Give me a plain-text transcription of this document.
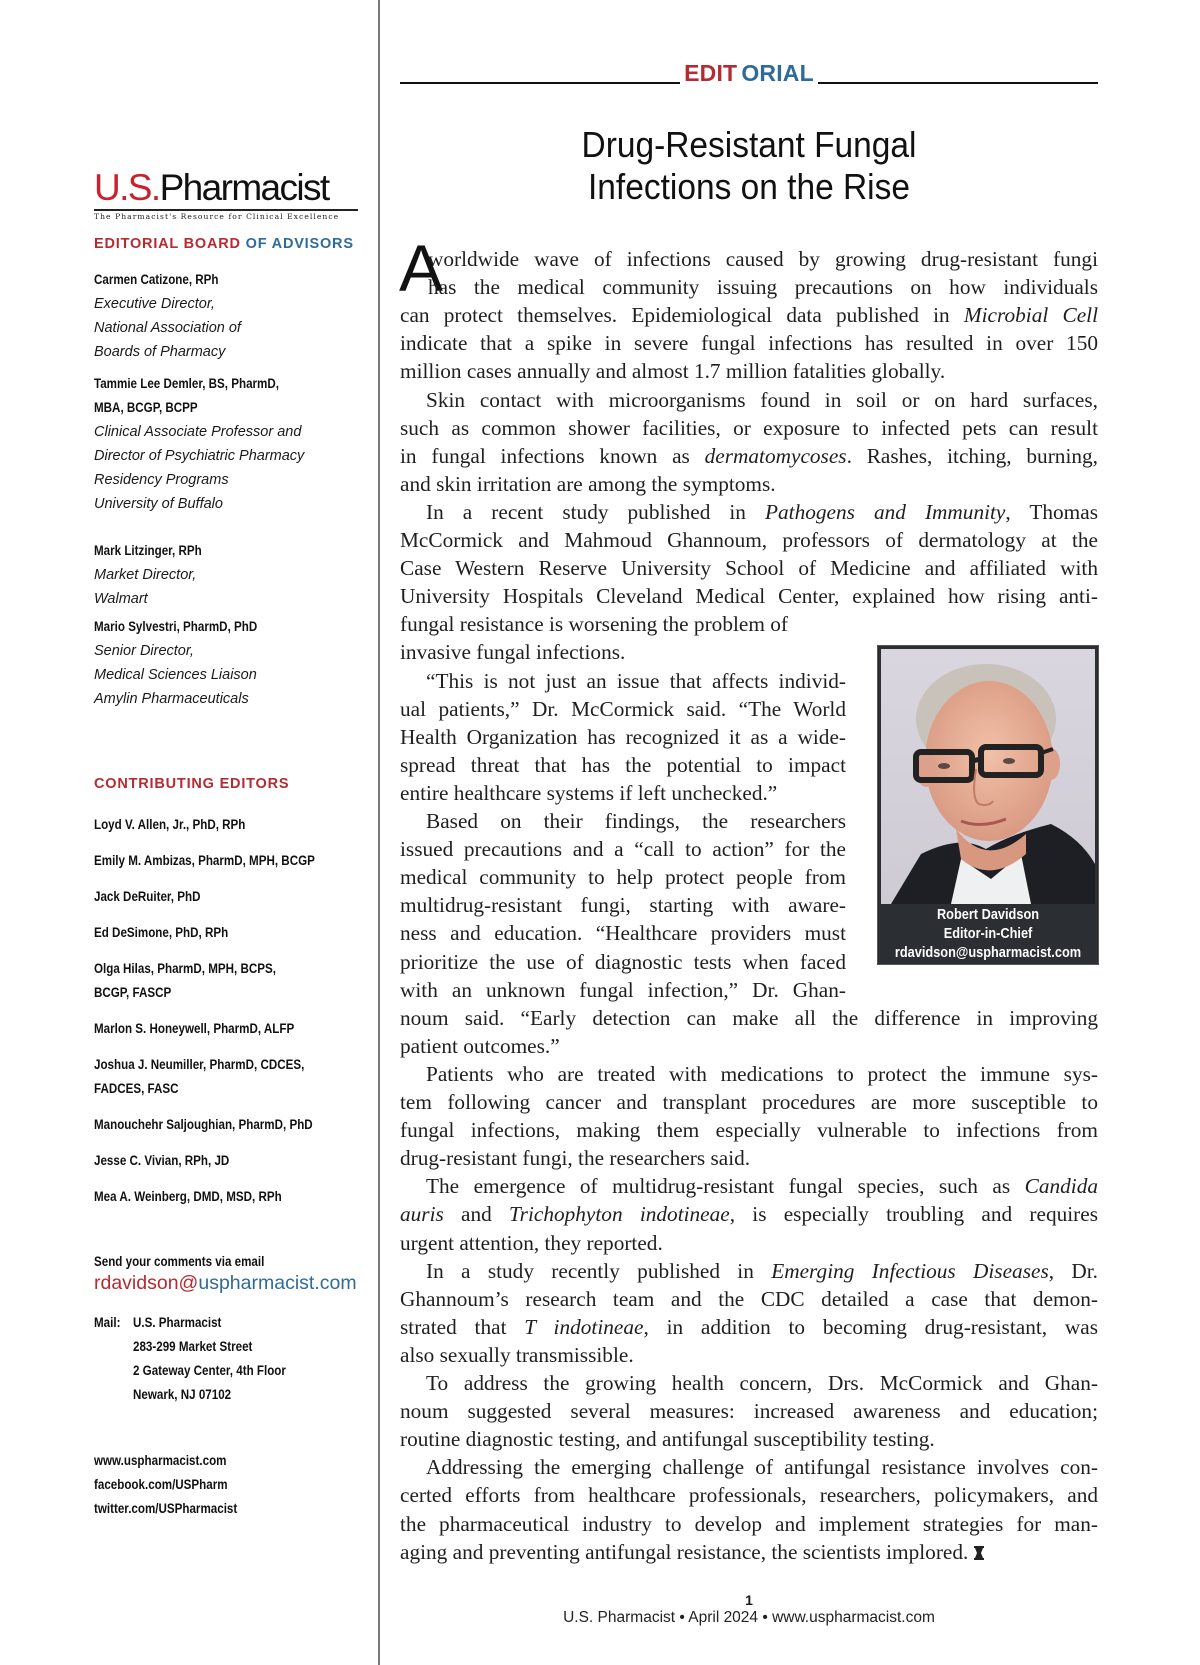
U.S.Pharmacist
The Pharmacist's Resource for Clinical Excellence
EDITORIAL BOARD OF ADVISORS
Carmen Catizone, RPh
Executive Director,
National Association of
Boards of Pharmacy
Tammie Lee Demler, BS, PharmD,
MBA, BCGP, BCPP
Clinical Associate Professor and
Director of Psychiatric Pharmacy
Residency Programs
University of Buffalo
Mark Litzinger, RPh
Market Director,
Walmart
Mario Sylvestri, PharmD, PhD
Senior Director,
Medical Sciences Liaison
Amylin Pharmaceuticals
CONTRIBUTING EDITORS
Loyd V. Allen, Jr., PhD, RPh
Emily M. Ambizas, PharmD, MPH, BCGP
Jack DeRuiter, PhD
Ed DeSimone, PhD, RPh
Olga Hilas, PharmD, MPH, BCPS,
BCGP, FASCP
Marlon S. Honeywell, PharmD, ALFP
Joshua J. Neumiller, PharmD, CDCES,
FADCES, FASC
Manouchehr Saljoughian, PharmD, PhD
Jesse C. Vivian, RPh, JD
Mea A. Weinberg, DMD, MSD, RPh
Send your comments via email
rdavidson@uspharmacist.com
Mail: U.S. Pharmacist
283-299 Market Street
2 Gateway Center, 4th Floor
Newark, NJ 07102
www.uspharmacist.com
facebook.com/USPharm
twitter.com/USPharmacist
EDIT ORIAL
Drug-Resistant Fungal
Infections on the Rise
A
worldwide wave of infections caused by growing drug-resistant fungi
has the medical community issuing precautions on how individuals
can protect themselves. Epidemiological data published in Microbial Cell
indicate that a spike in severe fungal infections has resulted in over 150
million cases annually and almost 1.7 million fatalities globally.
Skin contact with microorganisms found in soil or on hard surfaces,
such as common shower facilities, or exposure to infected pets can result
in fungal infections known as dermatomycoses. Rashes, itching, burning,
and skin irritation are among the symptoms.
In a recent study published in Pathogens and Immunity, Thomas
McCormick and Mahmoud Ghannoum, professors of dermatology at the
Case Western Reserve University School of Medicine and affiliated with
University Hospitals Cleveland Medical Center, explained how rising anti-
fungal resistance is worsening the problem of
invasive fungal infections.
“This is not just an issue that affects individ-
ual patients,” Dr. McCormick said. “The World
Health Organization has recognized it as a wide-
spread threat that has the potential to impact
entire healthcare systems if left unchecked.”
Based on their findings, the researchers
issued precautions and a “call to action” for the
medical community to help protect people from
multidrug-resistant fungi, starting with aware-
ness and education. “Healthcare providers must
prioritize the use of diagnostic tests when faced
with an unknown fungal infection,” Dr. Ghan-
noum said. “Early detection can make all the difference in improving
patient outcomes.”
Patients who are treated with medications to protect the immune sys-
tem following cancer and transplant procedures are more susceptible to
fungal infections, making them especially vulnerable to infections from
drug-resistant fungi, the researchers said.
The emergence of multidrug-resistant fungal species, such as Candida
auris and Trichophyton indotineae, is especially troubling and requires
urgent attention, they reported.
In a study recently published in Emerging Infectious Diseases, Dr.
Ghannoum’s research team and the CDC detailed a case that demon-
strated that T indotineae, in addition to becoming drug-resistant, was
also sexually transmissible.
To address the growing health concern, Drs. McCormick and Ghan-
noum suggested several measures: increased awareness and education;
routine diagnostic testing, and antifungal susceptibility testing.
Addressing the emerging challenge of antifungal resistance involves con-
certed efforts from healthcare professionals, researchers, policymakers, and
the pharmaceutical industry to develop and implement strategies for man-
aging and preventing antifungal resistance, the scientists implored.
Robert Davidson
Editor-in-Chief
rdavidson@uspharmacist.com
1
U.S. Pharmacist • April 2024 • www.uspharmacist.com
